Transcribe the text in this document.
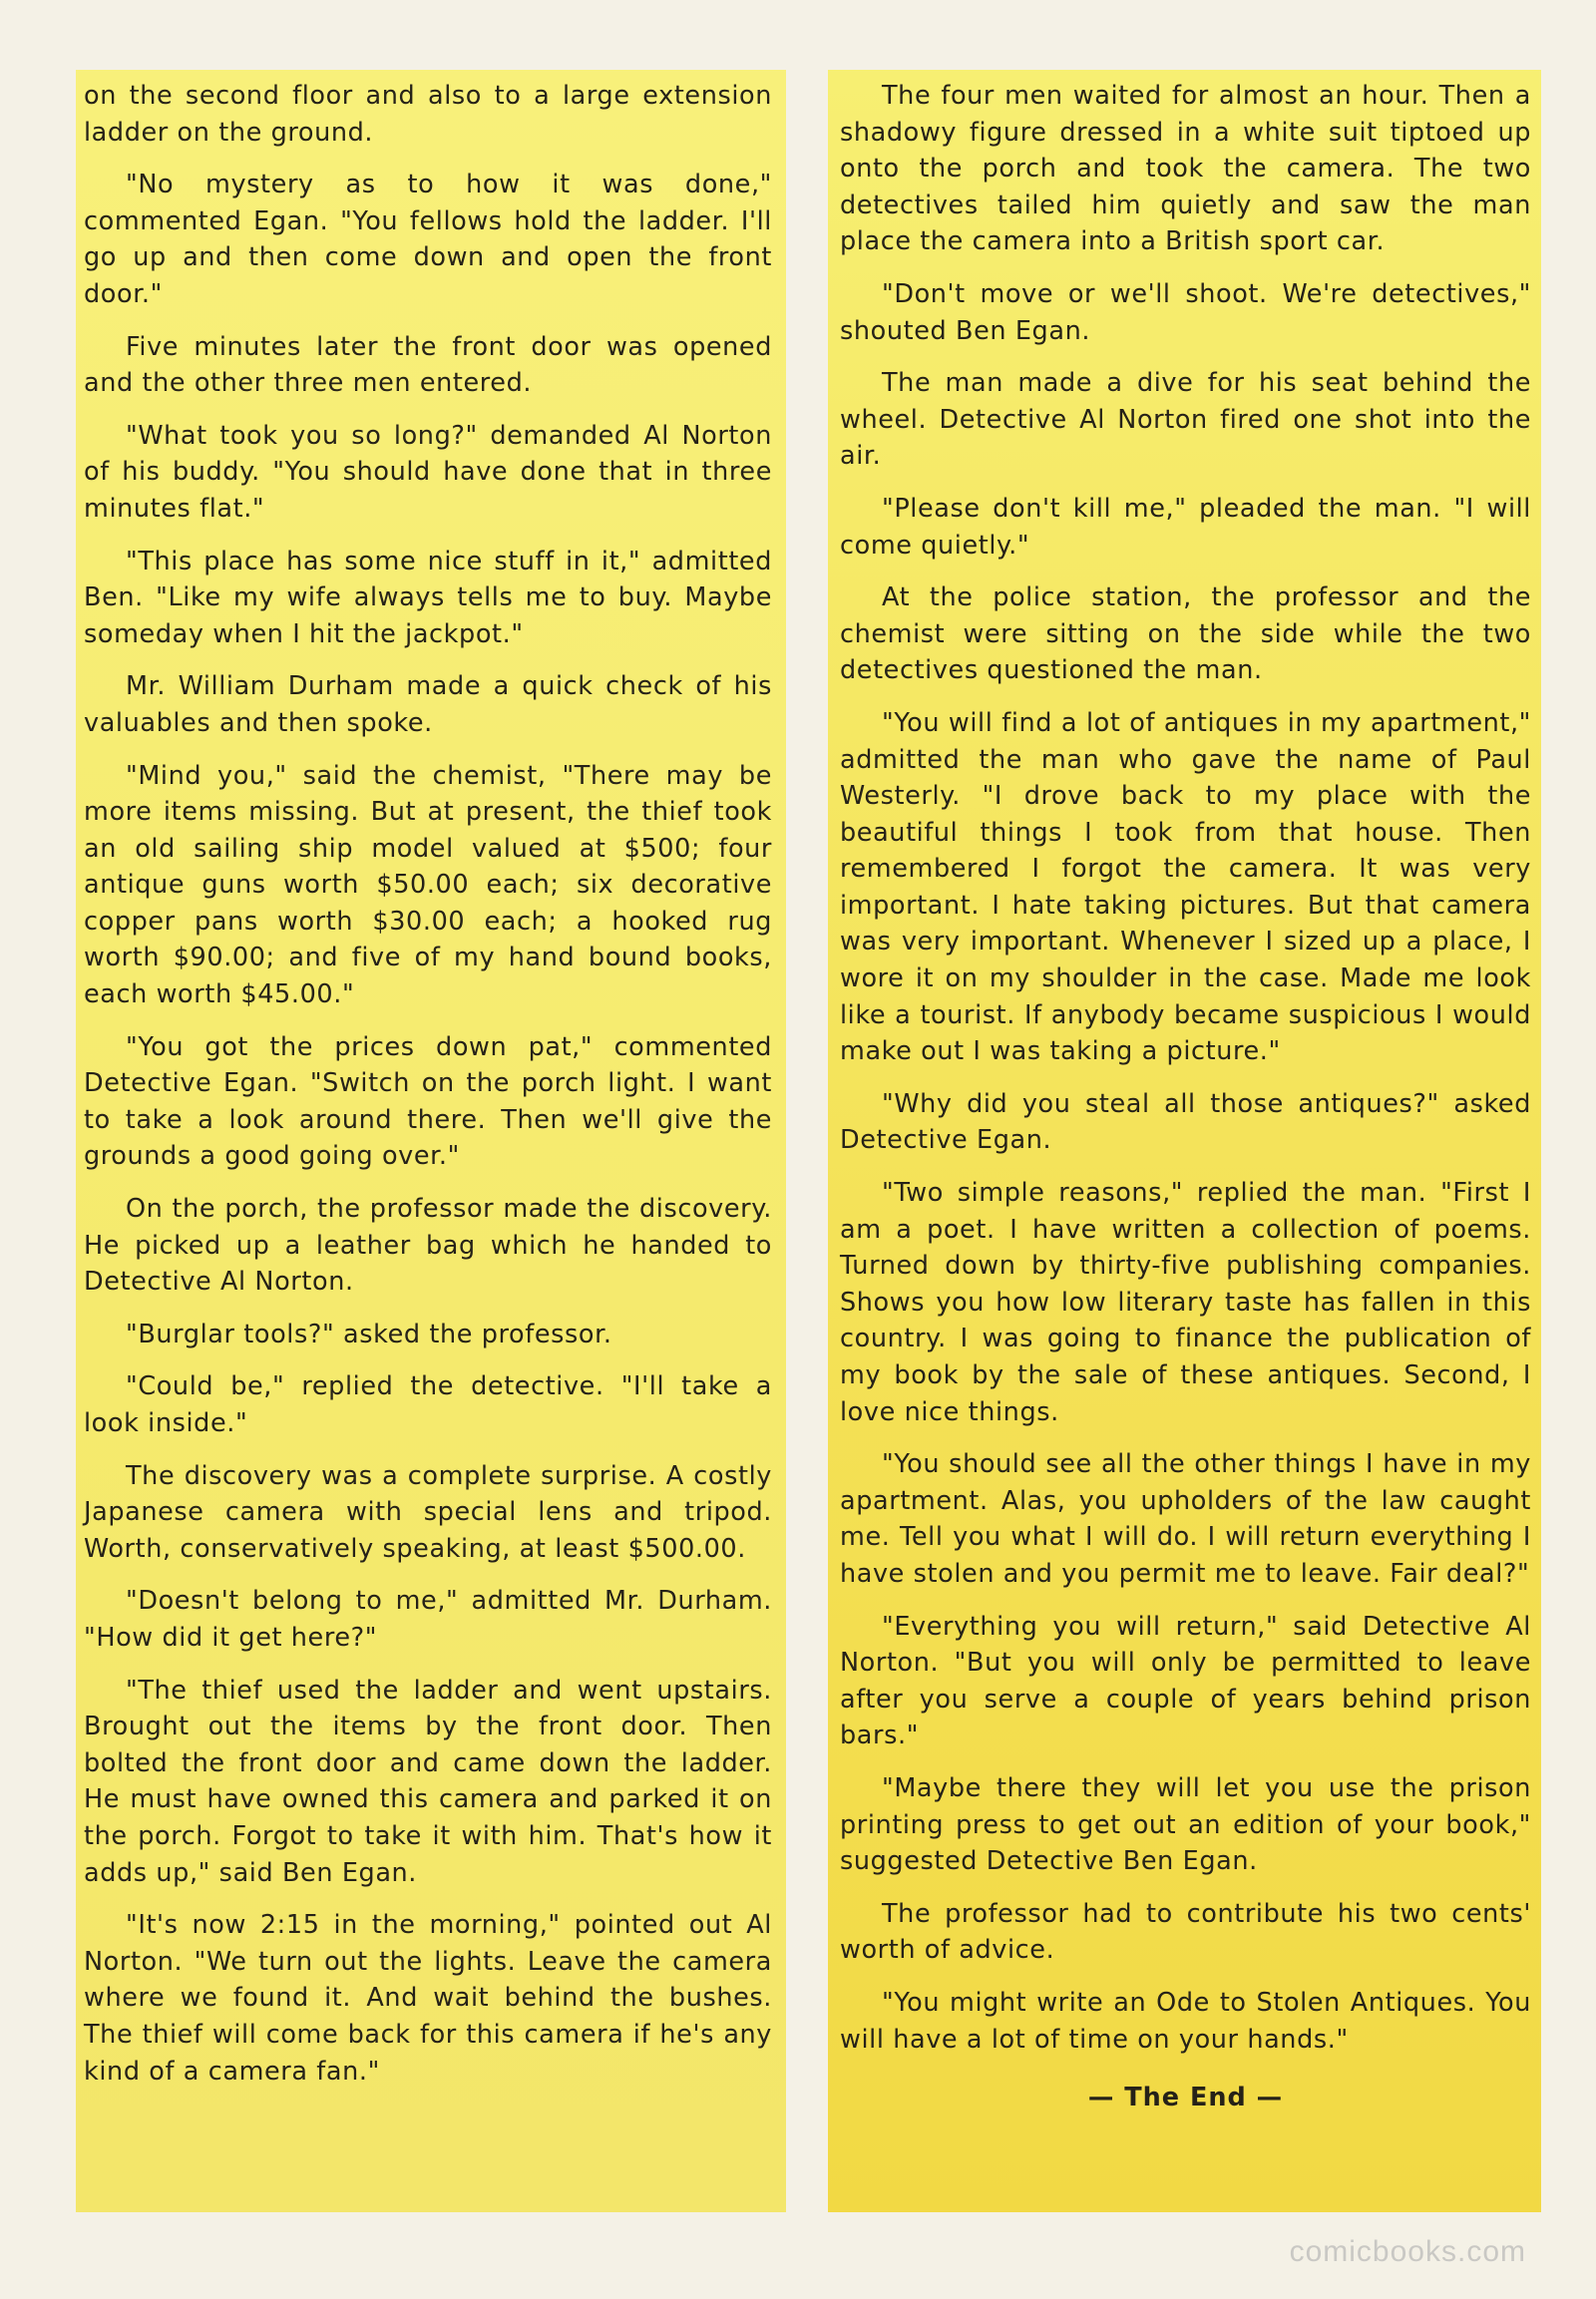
on the second floor and also to a large extension ladder on the ground.

"No mystery as to how it was done," commented Egan. "You fellows hold the ladder. I'll go up and then come down and open the front door."

Five minutes later the front door was opened and the other three men entered.

"What took you so long?" demanded Al Norton of his buddy. "You should have done that in three minutes flat."

"This place has some nice stuff in it," admitted Ben. "Like my wife always tells me to buy. Maybe someday when I hit the jackpot."

Mr. William Durham made a quick check of his valuables and then spoke.

"Mind you," said the chemist, "There may be more items missing. But at present, the thief took an old sailing ship model valued at $500; four antique guns worth $50.00 each; six decorative copper pans worth $30.00 each; a hooked rug worth $90.00; and five of my hand bound books, each worth $45.00."

"You got the prices down pat," commented Detective Egan. "Switch on the porch light. I want to take a look around there. Then we'll give the grounds a good going over."

On the porch, the professor made the discovery. He picked up a leather bag which he handed to Detective Al Norton.

"Burglar tools?" asked the professor.

"Could be," replied the detective. "I'll take a look inside."

The discovery was a complete surprise. A costly Japanese camera with special lens and tripod. Worth, conservatively speaking, at least $500.00.

"Doesn't belong to me," admitted Mr. Durham. "How did it get here?"

"The thief used the ladder and went upstairs. Brought out the items by the front door. Then bolted the front door and came down the ladder. He must have owned this camera and parked it on the porch. Forgot to take it with him. That's how it adds up," said Ben Egan.

"It's now 2:15 in the morning," pointed out Al Norton. "We turn out the lights. Leave the camera where we found it. And wait behind the bushes. The thief will come back for this camera if he's any kind of a camera fan."

The four men waited for almost an hour. Then a shadowy figure dressed in a white suit tiptoed up onto the porch and took the camera. The two detectives tailed him quietly and saw the man place the camera into a British sport car.

"Don't move or we'll shoot. We're detectives," shouted Ben Egan.

The man made a dive for his seat behind the wheel. Detective Al Norton fired one shot into the air.

"Please don't kill me," pleaded the man. "I will come quietly."

At the police station, the professor and the chemist were sitting on the side while the two detectives questioned the man.

"You will find a lot of antiques in my apartment," admitted the man who gave the name of Paul Westerly. "I drove back to my place with the beautiful things I took from that house. Then remembered I forgot the camera. It was very important. I hate taking pictures. But that camera was very important. Whenever I sized up a place, I wore it on my shoulder in the case. Made me look like a tourist. If anybody became suspicious I would make out I was taking a picture."

"Why did you steal all those antiques?" asked Detective Egan.

"Two simple reasons," replied the man. "First I am a poet. I have written a collection of poems. Turned down by thirty-five publishing companies. Shows you how low literary taste has fallen in this country. I was going to finance the publication of my book by the sale of these antiques. Second, I love nice things.

"You should see all the other things I have in my apartment. Alas, you upholders of the law caught me. Tell you what I will do. I will return everything I have stolen and you permit me to leave. Fair deal?"

"Everything you will return," said Detective Al Norton. "But you will only be permitted to leave after you serve a couple of years behind prison bars."

"Maybe there they will let you use the prison printing press to get out an edition of your book," suggested Detective Ben Egan.

The professor had to contribute his two cents' worth of advice.

"You might write an Ode to Stolen Antiques. You will have a lot of time on your hands."

— The End —
comicbooks.com
